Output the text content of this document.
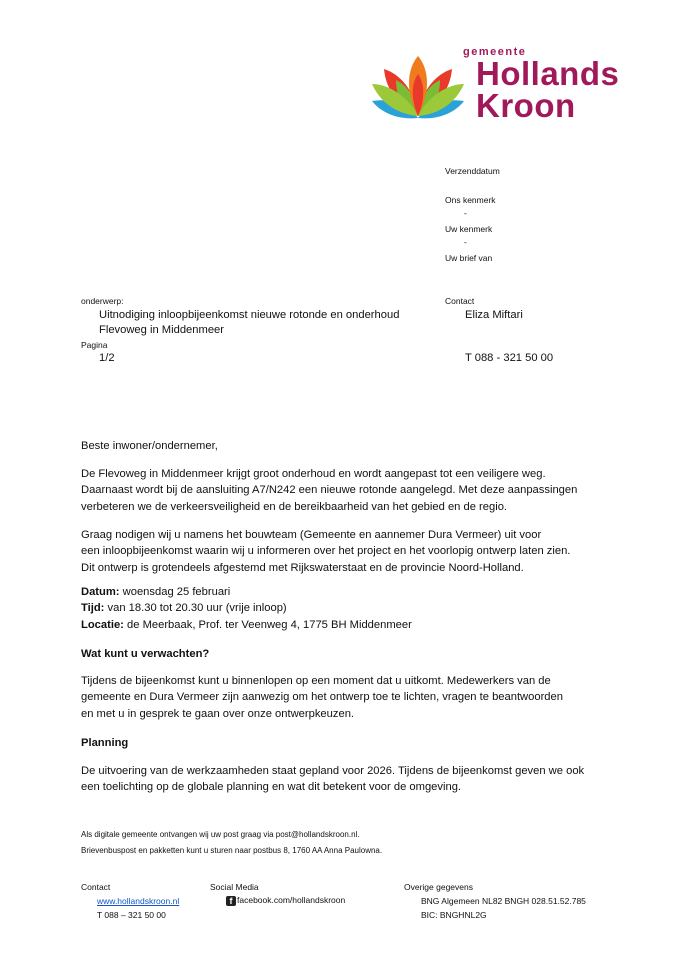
gemeente
Hollands
Kroon
Verzenddatum
Ons kenmerk
-
Uw kenmerk
-
Uw brief van
onderwerp:
Uitnodiging inloopbijeenkomst nieuwe rotonde en onderhoud
Flevoweg in Middenmeer
Pagina
1/2
Contact
Eliza Miftari
T 088 - 321 50 00
Beste inwoner/ondernemer,

De Flevoweg in Middenmeer krijgt groot onderhoud en wordt aangepast tot een veiligere weg.

Daarnaast wordt bij de aansluiting A7/N242 een nieuwe rotonde aangelegd. Met deze aanpassingen

verbeteren we de verkeersveiligheid en de bereikbaarheid van het gebied en de regio.

Graag nodigen wij u namens het bouwteam (Gemeente en aannemer Dura Vermeer) uit voor

een inloopbijeenkomst waarin wij u informeren over het project en het voorlopig ontwerp laten zien.

Dit ontwerp is grotendeels afgestemd met Rijkswaterstaat en de provincie Noord-Holland.

Datum: woensdag 25 februari

Tijd: van 18.30 tot 20.30 uur (vrije inloop)

Locatie: de Meerbaak, Prof. ter Veenweg 4, 1775 BH Middenmeer

Wat kunt u verwachten?

Tijdens de bijeenkomst kunt u binnenlopen op een moment dat u uitkomt. Medewerkers van de

gemeente en Dura Vermeer zijn aanwezig om het ontwerp toe te lichten, vragen te beantwoorden

en met u in gesprek te gaan over onze ontwerpkeuzen.

Planning

De uitvoering van de werkzaamheden staat gepland voor 2026. Tijdens de bijeenkomst geven we ook

een toelichting op de globale planning en wat dit betekent voor de omgeving.

Als digitale gemeente ontvangen wij uw post graag via post@hollandskroon.nl.
Brievenbuspost en pakketten kunt u sturen naar postbus 8, 1760 AA Anna Paulowna.
Contact
www.hollandskroon.nl
T 088 – 321 50 00
Social Media
f facebook.com/hollandskroon
Overige gegevens
BNG Algemeen NL82 BNGH 028.51.52.785
BIC: BNGHNL2G
